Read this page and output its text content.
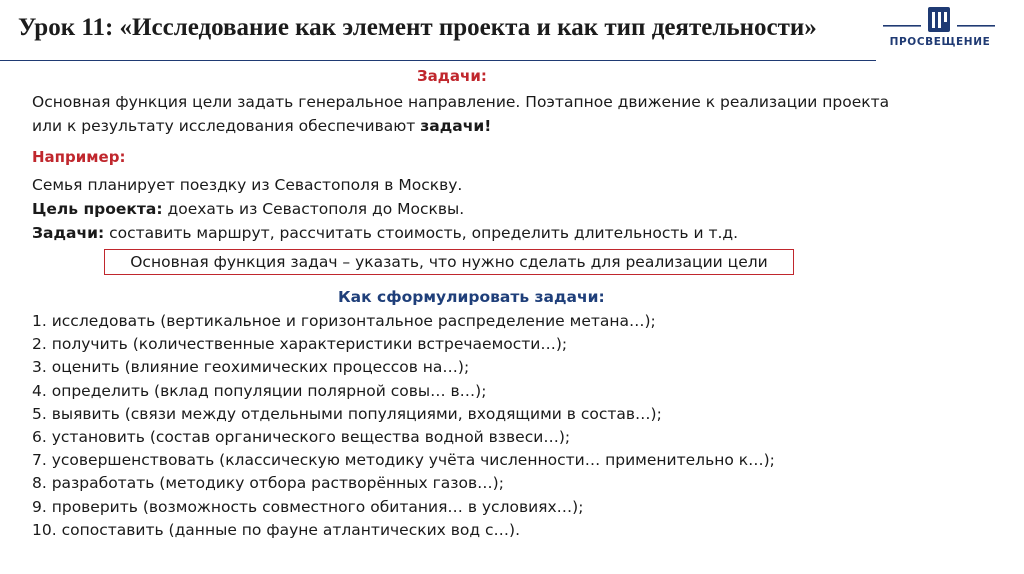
Урок 11: «Исследование как элемент проекта и как тип деятельности»
ПРОСВЕЩЕНИЕ
Задачи:
Основная функция цели задать генеральное направление. Поэтапное движение к реализации проекта
или к результату исследования обеспечивают задачи!
Например:
Семья планирует поездку из Севастополя в Москву.
Цель проекта: доехать из Севастополя до Москвы.
Задачи: составить маршрут, рассчитать стоимость, определить длительность и т.д.
Основная функция задач – указать, что нужно сделать для реализации цели
Как сформулировать задачи:
1. исследовать (вертикальное и горизонтальное распределение метана…);
2. получить (количественные характеристики встречаемости…);
3. оценить (влияние геохимических процессов на…);
4. определить (вклад популяции полярной совы… в…);
5. выявить (связи между отдельными популяциями, входящими в состав…);
6. установить (состав органического вещества водной взвеси…);
7. усовершенствовать (классическую методику учёта численности… применительно к…);
8. разработать (методику отбора растворённых газов…);
9. проверить (возможность совместного обитания… в условиях…);
10. сопоставить (данные по фауне атлантических вод с…).
